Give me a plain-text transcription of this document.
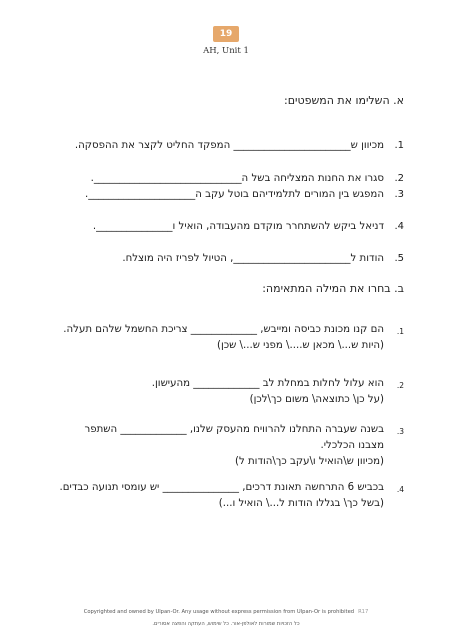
19
AH, Unit 1
א. השלימו את המשפטים:
1.
מכיוון ש_______________________ המפקד החליט לקצר את ההפסקה.
2.
סגרו את החנות המצליחה בשל ה_____________________________.
3.
המפגש בין המורים לתלמידיהם בוטל עקב ה_____________________.
4.
דניאל ביקש להשתחרר מוקדם מהעבודה, הואיל ו_______________.
5.
הודות ל_______________________, הטיול לפריז היה מוצלח.
ב. בחרו את המילה המתאימה:
1.
הם קנו מכונת כביסה ומייבש, _____________ צריכת החשמל שלהם תעלה.
(היות ש...\ מכאן ש....\ מפני ש...\ שכן)
2.
הוא עלול לחלות במחלת לב _____________ מהעישון.
(על כן\ כתוצאה\ משום כך\לכן)
3.
בשנה שעברה התחלנו להרוויח מהעסק שלנו, _____________ השתפר מצבנו הכלכלי.
(מכיוון ש\הואיל ו\עקב כך\הודות ל)
4.
בכביש 6 התרחשה תאונת דרכים, _______________ יש עומסי תנועה כבדים.
(בשל כך\ בגללו הודות ל...\ הואיל ו...)
Copyrighted and owned by Ulpan-Or. Any usage without express permission from Ulpan-Or is prohibited R17
כל הזכויות שמורות לאולפן-אור. כל שימוש, העתקה והפצה אסורים.
